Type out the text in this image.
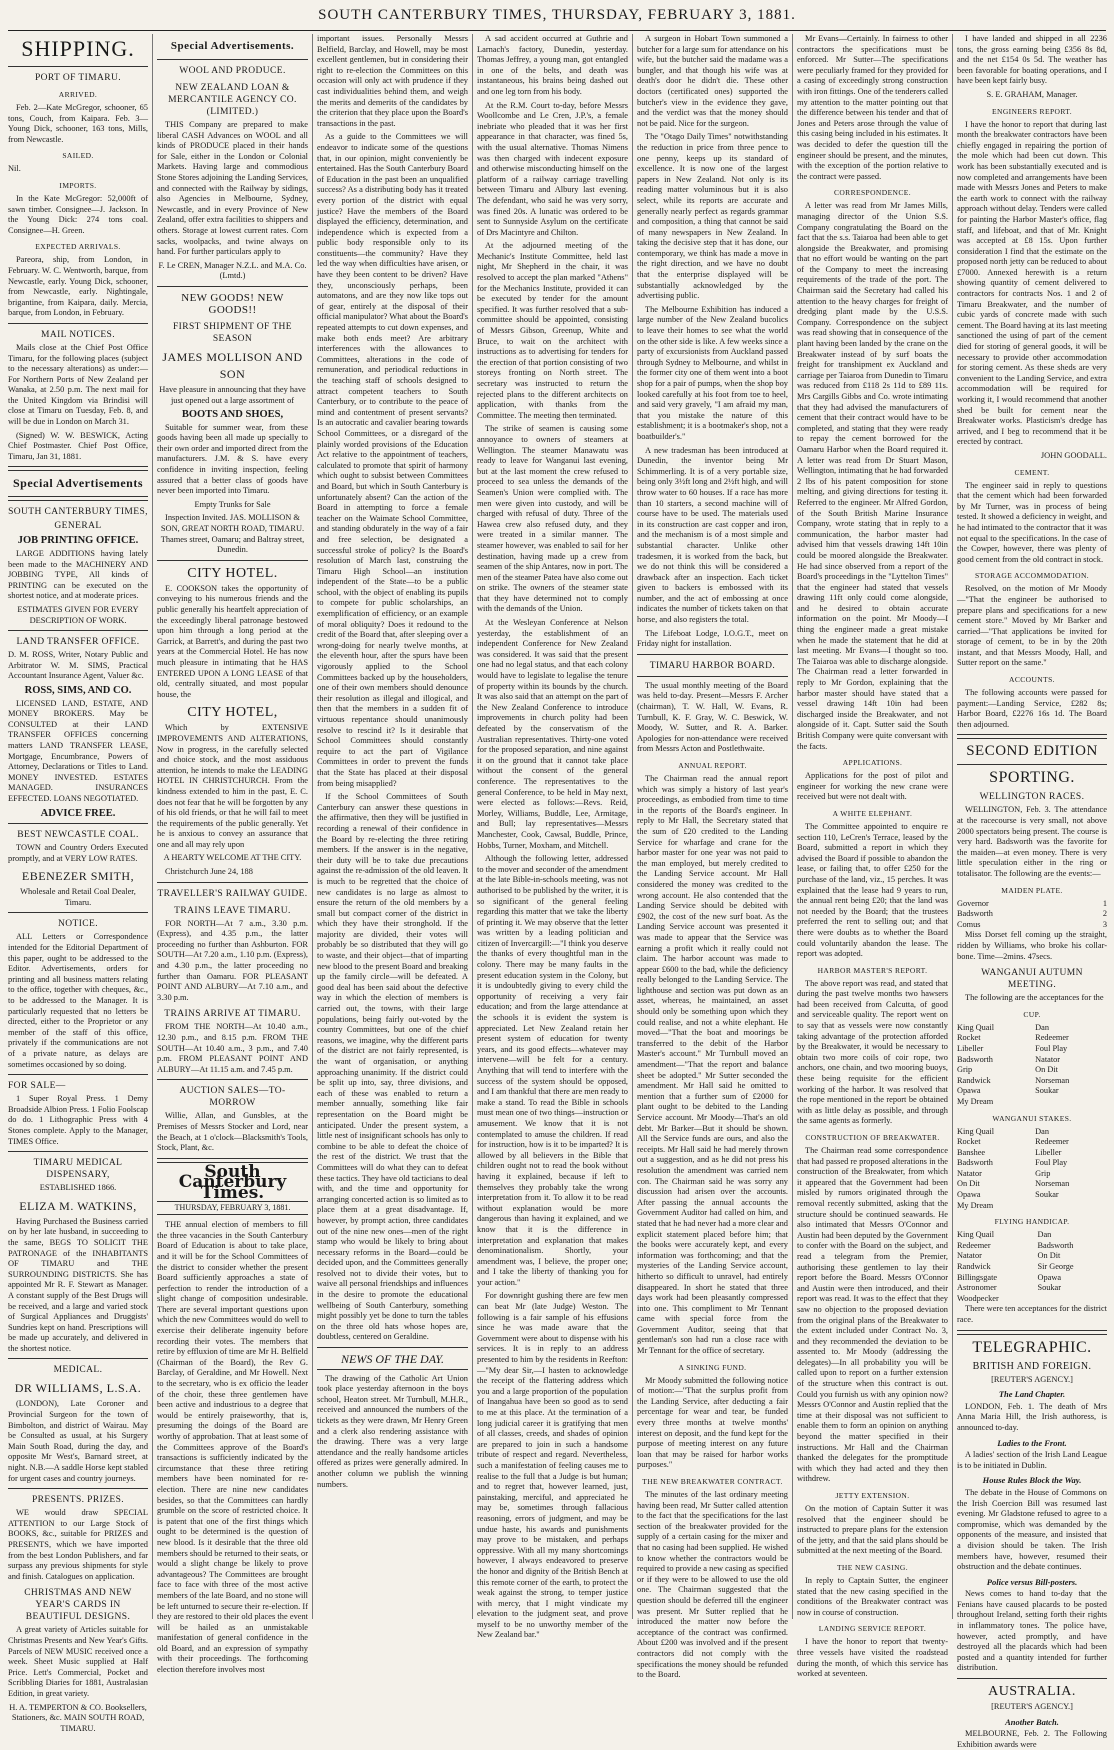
SOUTH CANTERBURY TIMES, THURSDAY, FEBRUARY 3, 1881.
SHIPPING.
PORT OF TIMARU.
ARRIVED.

Feb. 2—Kate McGregor, schooner, 65 tons, Couch, from Kaipara. Feb. 3—Young Dick, schooner, 163 tons, Mills, from Newcastle.

SAILED.

Nil.

IMPORTS.

In the Kate McGregor: 52,000ft of sawn timber. Consignee—J. Jackson. In the Young Dick: 274 tons coal. Consignee—H. Green.

EXPECTED ARRIVALS.

Pareora, ship, from London, in February. W. C. Wentworth, barque, from Newcastle, early. Young Dick, schooner, from Newcastle, early. Nightingale, brigantine, from Kaipara, daily. Mercia, barque, from London, in February.

MAIL NOTICES.

Mails close at the Chief Post Office Timaru, for the following places (subject to the necessary alterations) as under:— For Northern Ports of New Zealand per Wanaka, at 2.50 p.m. The next mail for the United Kingdom via Brindisi will close at Timaru on Tuesday, Feb. 8, and will be due in London on March 31.

(Signed) W. W. BESWICK, Acting Chief Postmaster. Chief Post Office, Timaru, Jan 31, 1881.

Special Advertisements
SOUTH CANTERBURY TIMES,
GENERAL
JOB PRINTING OFFICE.

LARGE ADDITIONS having lately been made to the MACHINERY AND JOBBING TYPE, All kinds of PRINTING can be executed on the shortest notice, and at moderate prices.

ESTIMATES GIVEN FOR EVERY DESCRIPTION OF WORK.

LAND TRANSFER OFFICE.

D. M. ROSS, Writer, Notary Public and Arbitrator W. M. SIMS, Practical Accountant Insurance Agent, Valuer &c.

ROSS, SIMS, AND CO.

LICENSED LAND, ESTATE, AND MONEY BROKERS. May be CONSULTED at their LAND TRANSFER OFFICES concerning matters LAND TRANSFER LEASE, Mortgage, Encumbrance, Powers of Attorney, Declarations or Titles to Land. MONEY INVESTED. ESTATES MANAGED. INSURANCES EFFECTED. LOANS NEGOTIATED.

ADVICE FREE.
BEST NEWCASTLE COAL.

TOWN and Country Orders Executed promptly, and at VERY LOW RATES.

EBENEZER SMITH,

Wholesale and Retail Coal Dealer, Timaru.

NOTICE.

ALL Letters or Correspondence intended for the Editorial Department of this paper, ought to be addressed to the Editor. Advertisements, orders for printing and all business matters relating to the office, together with cheques, &c., to be addressed to the Manager. It is particularly requested that no letters be directed, either to the Proprietor or any member of the staff of this office, privately if the communications are not of a private nature, as delays are sometimes occasioned by so doing.

FOR SALE—

1 Super Royal Press. 1 Demy Broadside Albion Press. 1 Folio Foolscap do do. 1 Lithographic Press with 4 Stones complete. Apply to the Manager, TIMES Office.

TIMARU MEDICAL DISPENSARY,

ESTABLISHED 1866.

ELIZA M. WATKINS,

Having Purchased the Business carried on by her late husband, in succeeding to the same, BEGS TO SOLICIT THE PATRONAGE of the INHABITANTS OF TIMARU and THE SURROUNDING DISTRICTS. She has appointed Mr R. F. Stewart as Manager. A constant supply of the Best Drugs will be received, and a large and varied stock of Surgical Appliances and Druggists' Sundries kept on hand. Prescriptions will be made up accurately, and delivered in the shortest notice.

MEDICAL.
DR WILLIAMS, L.S.A.

(LONDON), Late Coroner and Provincial Surgeon for the town of Bimbolton, and district of Wairau. May be Consulted as usual, at his Surgery Main South Road, during the day, and opposite Mr West's, Barnard street, at night. N.B.—A saddle Horse kept stabled for urgent cases and country journeys.

PRESENTS. PRIZES.

WE would draw SPECIAL ATTENTION to our Large Stock of BOOKS, &c., suitable for PRIZES and PRESENTS, which we have imported from the best London Publishers, and far surpass any previous shipments for style and finish. Catalogues on application.

CHRISTMAS AND NEW YEAR'S CARDS IN BEAUTIFUL DESIGNS.

A great variety of Articles suitable for Christmas Presents and New Year's Gifts. Parcels of NEW MUSIC received once a week. Sheet Music supplied at Half Price. Lett's Commercial, Pocket and Scribbling Diaries for 1881, Australasian Edition, in great variety.

H. A. TEMPERTON & CO. Booksellers, Stationers, &c. MAIN SOUTH ROAD, TIMARU.

Special Advertisements.
WOOL AND PRODUCE.
NEW ZEALAND LOAN & MERCANTILE AGENCY CO. (LIMITED.)

THIS Company are prepared to make liberal CASH Advances on WOOL and all kinds of PRODUCE placed in their hands for Sale, either in the London or Colonial Markets. Having large and commodious Stone Stores adjoining the Landing Services, and connected with the Railway by sidings, also Agencies in Melbourne, Sydney, Newcastle, and in every Province of New Zealand, offer extra facilities to shippers and others. Storage at lowest current rates. Corn sacks, woolpacks, and twine always on hand. For further particulars apply to

F. Le CREN, Manager N.Z.L. and M.A. Co. (Lmtd.)

NEW GOODS! NEW GOODS!!
FIRST SHIPMENT OF THE SEASON
JAMES MOLLISON AND SON

Have pleasure in announcing that they have just opened out a large assortment of

BOOTS AND SHOES,

Suitable for summer wear, from these goods having been all made up specially to their own order and imported direct from the manufacturers. J.M. & S. have every confidence in inviting inspection, feeling assured that a better class of goods have never been imported into Timaru.

Empty Trunks for Sale

Inspection Invited. JAS. MOLLISON & SON, GREAT NORTH ROAD, TIMARU. Thames street, Oamaru; and Baltray street, Dunedin.

CITY HOTEL.

E. COOKSON takes the opportunity of conveying to his numerous friends and the public generally his heartfelt appreciation of the exceedingly liberal patronage bestowed upon him through a long period at the Garrick, at Barrett's, and during the past two years at the Commercial Hotel. He has now much pleasure in intimating that he HAS ENTERED UPON A LONG LEASE of that old, centrally situated, and most popular house, the

CITY HOTEL,

Which by EXTENSIVE IMPROVEMENTS AND ALTERATIONS, Now in progress, in the carefully selected and choice stock, and the most assiduous attention, he intends to make the LEADING HOTEL IN CHRISTCHURCH. From the kindness extended to him in the past, E. C. does not fear that he will be forgotten by any of his old friends, or that he will fail to meet the requirements of the public generally. Yet he is anxious to convey an assurance that one and all may rely upon

A HEARTY WELCOME AT THE CITY.

Christchurch June 24, 188

TRAVELLER'S RAILWAY GUIDE.
TRAINS LEAVE TIMARU.

FOR NORTH—At 7 a.m., 3.30 p.m. (Express), and 4.35 p.m., the latter proceeding no further than Ashburton. FOR SOUTH—At 7.20 a.m., 1.10 p.m. (Express), and 4.30 p.m., the latter proceeding no further than Oamaru. FOR PLEASANT POINT AND ALBURY—At 7.10 a.m., and 3.30 p.m.

TRAINS ARRIVE AT TIMARU.

FROM THE NORTH—At 10.40 a.m., 12.30 p.m., and 8.15 p.m. FROM THE SOUTH—At 10.40 a.m., 3 p.m., and 7.40 p.m. FROM PLEASANT POINT AND ALBURY—At 11.15 a.m. and 7.45 p.m.

AUCTION SALES—TO-MORROW

Willie, Allan, and Gunsbles, at the Premises of Messrs Stocker and Lord, near the Beach, at 1 o'clock—Blacksmith's Tools, Stock, Plant, &c.

South Canterbury Times.
THURSDAY, FEBRUARY 3, 1881.

THE annual election of members to fill the three vacancies in the South Canterbury Board of Education is about to take place, and it will be for the School Committees of the district to consider whether the present Board sufficiently approaches a state of perfection to render the introduction of a slight change of composition undesirable. There are several important questions upon which the new Committees would do well to exercise their deliberate ingenuity before recording their votes. The members that retire by effluxion of time are Mr H. Belfield (Chairman of the Board), the Rev G. Barclay, of Geraldine, and Mr Howell. Next to the secretary, who is ex officio the leader of the choir, these three gentlemen have been active and industrious to a degree that would be entirely praiseworthy, that is, presuming the doings of the Board are worthy of approbation. That at least some of the Committees approve of the Board's transactions is sufficiently indicated by the circumstance that these three retiring members have been nominated for re-election. There are nine new candidates besides, so that the Committees can hardly grumble on the score of restricted choice. It is patent that one of the first things which ought to be determined is the question of new blood. Is it desirable that the three old members should be returned to their seats, or would a slight change be likely to prove advantageous? The Committees are brought face to face with three of the most active members of the late Board, and no stone will be left unturned to secure their re-election. If they are restored to their old places the event will be hailed as an unmistakable manifestation of general confidence in the old Board, and an expression of sympathy with their proceedings. The forthcoming election therefore involves most

important issues. Personally Messrs Belfield, Barclay, and Howell, may be most excellent gentlemen, but in considering their right to re-election the Committees on this occasion will only act with prudence if they cast individualities behind them, and weigh the merits and demerits of the candidates by the criterion that they place upon the Board's transactions in the past.

As a guide to the Committees we will endeavor to indicate some of the questions that, in our opinion, might conveniently be entertained. Has the South Canterbury Board of Education in the past been an unqualified success? As a distributing body has it treated every portion of the district with equal justice? Have the members of the Board displayed the efficiency, determination, and independence which is expected from a public body responsible only to its constituents—the community? Have they led the way when difficulties have arisen, or have they been content to be driven? Have they, unconsciously perhaps, been automatons, and are they now like tops out of gear, entirely at the disposal of their official manipulator? What about the Board's repeated attempts to cut down expenses, and make both ends meet? Are arbitrary interferences with the allowances to Committees, alterations in the code of remuneration, and periodical reductions in the teaching staff of schools designed to attract competent teachers to South Canterbury, or to contribute to the peace of mind and contentment of present servants? Is an autocratic and cavalier bearing towards School Committees, or a disregard of the plainly worded provisions of the Education Act relative to the appointment of teachers, calculated to promote that spirit of harmony which ought to subsist between Committees and Board, but which in South Canterbury is unfortunately absent? Can the action of the Board in attempting to force a female teacher on the Waimate School Committee, and standing obdurately in the way of a fair and free selection, be designated a successful stroke of policy? Is the Board's resolution of March last, construing the Timaru High School—an institution independent of the State—to be a public school, with the object of enabling its pupils to compete for public scholarships, an exemplification of efficiency, or an example of moral obliquity? Does it redound to the credit of the Board that, after sleeping over a wrong-doing for nearly twelve months, at the eleventh hour, after the spurs have been vigorously applied to the School Committees backed up by the householders, one of their own members should denounce their resolution as illegal and illogical, and then that the members in a sudden fit of virtuous repentance should unanimously resolve to rescind it? Is it desirable that School Committees should constantly require to act the part of Vigilance Committees in order to prevent the funds that the State has placed at their disposal from being misapplied?

If the School Committees of South Canterbury can answer these questions in the affirmative, then they will be justified in recording a renewal of their confidence in the Board by re-electing the three retiring members. If the answer is in the negative, their duty will be to take due precautions against the re-admission of the old leaven. It is much to be regretted that the choice of new candidates is no large as almost to ensure the return of the old members by a small but compact corner of the district in which they have their stronghold. If the majority are divided, their votes will probably be so distributed that they will go to waste, and their object—that of imparting new blood to the present Board and breaking up the family circle—will be defeated. A good deal has been said about the defective way in which the election of members is carried out, the towns, with their large populations, being fairly out-voted by the country Committees, but one of the chief reasons, we imagine, why the different parts of the district are not fairly represented, is the want of organisation, or anything approaching unanimity. If the district could be split up into, say, three divisions, and each of these was enabled to return a member annually, something like fair representation on the Board might be anticipated. Under the present system, a little nest of insignificant schools has only to combine to be able to defeat the choice of the rest of the district. We trust that the Committees will do what they can to defeat these tactics. They have old tacticians to deal with, and the time and opportunity for arranging concerted action is so limited as to place them at a great disadvantage. If, however, by prompt action, three candidates out of the nine new ones—men of the right stamp who would be likely to bring about necessary reforms in the Board—could be decided upon, and the Committees generally resolved not to divide their votes, but to waive all personal friendships and influences in the desire to promote the educational wellbeing of South Canterbury, something might possibly yet be done to turn the tables on the three old hats whose hopes are, doubtless, centered on Geraldine.

NEWS OF THE DAY.

The drawing of the Catholic Art Union took place yesterday afternoon in the boys school, Heaton street. Mr Turnbull, M.H.R., received and announced the numbers of the tickets as they were drawn, Mr Henry Green and a clerk also rendering assistance with the drawing. There was a very large attendance and the really handsome articles offered as prizes were generally admired. In another column we publish the winning numbers.

A sad accident occurred at Guthrie and Larnach's factory, Dunedin, yesterday. Thomas Jeffrey, a young man, got entangled in one of the belts, and death was instantaneous, his brains being dashed out and one leg torn from his body.

At the R.M. Court to-day, before Messrs Woollcombe and Le Cren, J.P.'s, a female inebriate who pleaded that it was her first appearance in that character, was fined 5s, with the usual alternative. Thomas Nimens was then charged with indecent exposure and otherwise misconducting himself on the platform of a railway carriage travelling between Timaru and Albury last evening. The defendant, who said he was very sorry, was fined 20s. A lunatic was ordered to be sent to Sunnyside Asylum on the certificate of Drs Macintyre and Chilton.

At the adjourned meeting of the Mechanic's Institute Committee, held last night, Mr Shepherd in the chair, it was resolved to accept the plan marked "Athens" for the Mechanics Institute, provided it can be executed by tender for the amount specified. It was further resolved that a sub-committee should be appointed, consisting of Messrs Gibson, Greenup, White and Bruce, to wait on the architect with instructions as to advertising for tenders for the erection of that portion consisting of two storeys fronting on North street. The secretary was instructed to return the rejected plans to the different architects on application, with thanks from the Committee. The meeting then terminated.

The strike of seamen is causing some annoyance to owners of steamers at Wellington. The steamer Manawatu was ready to leave for Wanganui last evening, but at the last moment the crew refused to proceed to sea unless the demands of the Seamen's Union were complied with. The men were given into custody, and will be charged with refusal of duty. Three of the Hawea crew also refused duty, and they were treated in a similar manner. The steamer however, was enabled to sail for her destination, having made up a crew from seamen of the ship Antares, now in port. The men of the steamer Patea have also come out on strike. The owners of the steamer state that they have determined not to comply with the demands of the Union.

At the Wesleyan Conference at Nelson yesterday, the establishment of an independent Conference for New Zealand was considered. It was said that the present one had no legal status, and that each colony would have to legislate to legalise the tenure of property within its bounds by the church. It was also said that an attempt on the part of the New Zealand Conference to introduce improvements in church polity had been defeated by the conservatism of the Australian representatives. Thirty-one voted for the proposed separation, and nine against it on the ground that it cannot take place without the consent of the general conference. The representatives to the general Conference, to be held in May next, were elected as follows:—Revs. Reid, Morley, Williams, Buddle, Lee, Armitage, and Bull; lay representatives—Messrs Manchester, Cook, Cawsal, Buddle, Prince, Hobbs, Turner, Moxham, and Mitchell.

Although the following letter, addressed to the mover and seconder of the amendment at the late Bible-in-schools meeting, was not authorised to be published by the writer, it is so significant of the general feeling regarding this matter that we take the liberty of printing it. We may observe that the letter was written by a leading politician and citizen of Invercargill:—"I think you deserve the thanks of every thoughtful man in the colony. There may be many faults in the present education system in the Colony, but it is undoubtedly giving to every child the opportunity of receiving a very fair education; and from the large attendance at the schools it is evident the system is appreciated. Let New Zealand retain her present system of education for twenty years, and its good effects—whatever may intervene—will be felt for a century. Anything that will tend to interfere with the success of the system should be opposed, and I am thankful that there are men ready to make a stand. To read the Bible in schools must mean one of two things—instruction or amusement. We know that it is not contemplated to amuse the children. If read for instruction, how is it to be imparted? It is allowed by all believers in the Bible that children ought not to read the book without having it explained, because if left to themselves they probably take the wrong interpretation from it. To allow it to be read without explanation would be more dangerous than having it explained, and we know that it is the difference in interpretation and explanation that makes denominationalism. Shortly, your amendment was, I believe, the proper one; and I take the liberty of thanking you for your action."

For downright gushing there are few men can beat Mr (late Judge) Weston. The following is a fair sample of his effusions since he was made aware that the Government were about to dispense with his services. It is in reply to an address presented to him by the residents in Reefton:—"My dear Sir,—I hasten to acknowledge the receipt of the flattering address which you and a large proportion of the population of Inangahua have been so good as to send to me at this place. At the termination of a long judicial career it is gratifying that men of all classes, creeds, and shades of opinion are prepared to join in such a handsome tribute of respect and regard. Nevertheless, such a manifestation of feeling causes me to realise to the full that a Judge is but human; and to regret that, however learned, just, painstaking, merciful, and appreciated he may be, sometimes through fallacious reasoning, errors of judgment, and may be undue haste, his awards and punishments may prove to be mistaken, and perhaps oppressive. With all my many shortcomings however, I always endeavored to preserve the honor and dignity of the British Bench at this remote corner of the earth, to protect the weak against the strong, to temper justice with mercy, that I might vindicate my elevation to the judgment seat, and prove myself to be no unworthy member of the New Zealand bar."

A surgeon in Hobart Town summoned a butcher for a large sum for attendance on his wife, but the butcher said the madame was a bungler, and that though his wife was at death's door he didn't die. These other doctors (certificated ones) supported the butcher's view in the evidence they gave, and the verdict was that the money should not be paid. Nice for the surgeon.

The "Otago Daily Times" notwithstanding the reduction in price from three pence to one penny, keeps up its standard of excellence. It is now one of the largest papers in New Zealand. Not only is its reading matter voluminous but it is also select, while its reports are accurate and generally nearly perfect as regards grammar and composition, a thing that cannot be said of many newspapers in New Zealand. In taking the decisive step that it has done, our contemporary, we think has made a move in the right direction, and we have no doubt that the enterprise displayed will be substantially acknowledged by the advertising public.

The Melbourne Exhibition has induced a large number of the New Zealand bucolics to leave their homes to see what the world on the other side is like. A few weeks since a party of excursionists from Auckland passed through Sydney to Melbourne, and whilst in the former city one of them went into a boot shop for a pair of pumps, when the shop boy looked carefully at his foot from toe to heel, and said very gravely, "I am afraid my man, that you mistake the nature of this establishment; it is a bootmaker's shop, not a boatbuilder's."

A new tradesman has been introduced at Dunedin, the inventor being Mr Schimmerling. It is of a very portable size, being only 3½ft long and 2½ft high, and will throw water to 60 houses. If a race has more than 10 starters, a second machine will of course have to be used. The materials used in its construction are cast copper and iron, and the mechanism is of a most simple and substantial character. Unlike other tradesmen, it is worked from the back, but we do not think this will be considered a drawback after an inspection. Each ticket given to backers is embossed with its number, and the act of embossing at once indicates the number of tickets taken on that horse, and also registers the total.

The Lifeboat Lodge, I.O.G.T., meet on Friday night for installation.

TIMARU HARBOR BOARD.

The usual monthly meeting of the Board was held to-day. Present—Messrs F. Archer (chairman), T. W. Hall, W. Evans, R. Turnbull, K. F. Gray, W. C. Beswick, W. Moody, W. Sutter, and R. A. Barker. Apologies for non-attendance were received from Messrs Acton and Postlethwaite.

ANNUAL REPORT.

The Chairman read the annual report which was simply a history of last year's proceedings, as embodied from time to time in the reports of the Board's engineer. In reply to Mr Hall, the Secretary stated that the sum of £20 credited to the Landing Service for wharfage and crane for the harbor master for one year was not paid to the man employed, but merely credited to the Landing Service account. Mr Hall considered the money was credited to the wrong account. He also contended that the Landing Service should be debited with £902, the cost of the new surf boat. As the Landing Service account was presented it was made to appear that the Service was earning a profit which it really could not claim. The harbor account was made to appear £600 to the bad, while the deficiency really belonged to the Landing Service. The lighthouse and section was put down as an asset, whereas, he maintained, an asset should only be something upon which they could realise, and not a white elephant. He moved—"That the boat and moorings be transferred to the debit of the Harbor Master's account." Mr Turnbull moved an amendment—"That the report and balance sheet be adopted." Mr Sutter seconded the amendment. Mr Hall said he omitted to mention that a further sum of £2000 for plant ought to be debited to the Landing Service account. Mr Moody—That's an old debt. Mr Barker—But it should be shown. All the Service funds are ours, and also the receipts. Mr Hall said he had merely thrown out a suggestion, and as he did not press his resolution the amendment was carried nem con. The Chairman said he was sorry any discussion had arisen over the accounts. After passing the annual accounts the Government Auditor had called on him, and stated that he had never had a more clear and explicit statement placed before him; that the books were accurately kept, and every information was forthcoming; and that the mysteries of the Landing Service account, hitherto so difficult to unravel, had entirely disappeared. In short he stated that three days work had been pleasantly compressed into one. This compliment to Mr Tennant came with special force from the Government Auditor, seeing that that gentleman's son had run a close race with Mr Tennant for the office of secretary.

A SINKING FUND.

Mr Moody submitted the following notice of motion:—"That the surplus profit from the Landing Service, after deducting a fair percentage for wear and tear, be funded every three months at twelve months' interest on deposit, and the fund kept for the purpose of meeting interest on any future loan that may be raised for harbor works purposes."

THE NEW BREAKWATER CONTRACT.

The minutes of the last ordinary meeting having been read, Mr Sutter called attention to the fact that the specifications for the last section of the breakwater provided for the supply of a certain casing for the mixer and that no casing had been supplied. He wished to know whether the contractors would be required to provide a new casing as specified or if they were to be allowed to use the old one. The Chairman suggested that the question should be deferred till the engineer was present. Mr Sutter replied that he introduced the matter now before the acceptance of the contract was confirmed. About £200 was involved and if the present contractors did not comply with the specifications the money should be refunded to the Board.

Mr Evans—Certainly. In fairness to other contractors the specifications must be enforced. Mr Sutter—The specifications were peculiarly framed for they provided for a casing of exceedingly strong construction with iron fittings. One of the tenderers called my attention to the matter pointing out that the difference between his tender and that of Jones and Peters arose through the value of this casing being included in his estimates. It was decided to defer the question till the engineer should be present, and the minutes, with the exception of the portion relative to the contract were passed.

CORRESPONDENCE.

A letter was read from Mr James Mills, managing director of the Union S.S. Company congratulating the Board on the fact that the s.s. Taiaroa had been able to get alongside the Breakwater, and promising that no effort would be wanting on the part of the Company to meet the increasing requirements of the trade of the port. The Chairman said the Secretary had called his attention to the heavy charges for freight of dredging plant made by the U.S.S. Company. Correspondence on the subject was read showing that in consequence of the plant having been landed by the crane on the Breakwater instead of by surf boats the freight for transhipment ex Auckland and carriage per Taiaroa from Dunedin to Timaru was reduced from £118 2s 11d to £89 11s. Mrs Cargills Gibbs and Co. wrote intimating that they had advised the manufacturers of cement that their contract would have to be completed, and stating that they were ready to repay the cement borrowed for the Oamaru Harbor when the Board required it. A letter was read from Dr Stuart Mason, Wellington, intimating that he had forwarded 2 lbs of his patent composition for stone melting, and giving directions for testing it. Referred to the engineer. Mr Alfred Gordon, of the South British Marine Insurance Company, wrote stating that in reply to a communication, the harbor master had advised him that vessels drawing 14ft 10in could be moored alongside the Breakwater. He had since observed from a report of the Board's proceedings in the "Lyttelton Times" that the engineer had stated that vessels drawing 11ft only could come alongside, and he desired to obtain accurate information on the point. Mr Moody—I thing the engineer made a great mistake when he made the statement that he did at last meeting. Mr Evans—I thought so too. The Taiaroa was able to discharge alongside. The Chairman read a letter forwarded in reply to Mr Gordon, explaining that the harbor master should have stated that a vessel drawing 14ft 10in had been discharged inside the Breakwater, and not alongside of it. Capt. Sutter said the South British Company were quite conversant with the facts.

APPLICATIONS.

Applications for the post of pilot and engineer for working the new crane were received but were not dealt with.

A WHITE ELEPHANT.

The Committee appointed to enquire re section 110, LeCren's Terrace, leased by the Board, submitted a report in which they advised the Board if possible to abandon the lease, or failing that, to offer £250 for the purchase of the land, viz., 15 perches. It was explained that the lease had 9 years to run, the annual rent being £20; that the land was not needed by the Board; that the trustees preferred the rent to selling out; and that there were doubts as to whether the Board could voluntarily abandon the lease. The report was adopted.

HARBOR MASTER'S REPORT.

The above report was read, and stated that during the past twelve months two hawsers had been received from Calcutta, of good and serviceable quality. The report went on to say that as vessels were now constantly taking advantage of the protection afforded by the Breakwater, it would be necessary to obtain two more coils of coir rope, two anchors, one chain, and two mooring buoys, these being requisite for the efficient working of the harbor. It was resolved that the rope mentioned in the report be obtained with as little delay as possible, and through the same agents as formerly.

CONSTRUCTION OF BREAKWATER.

The Chairman read some correspondence that had passed re proposed alterations in the construction of the Breakwater, from which it appeared that the Government had been misled by rumors originated through the removal recently submitted, asking that the structure should be continued seawards. He also intimated that Messrs O'Connor and Austin had been deputed by the Government to confer with the Board on the subject, and read a telegram from the Premier, authorising these gentlemen to lay their report before the Board. Messrs O'Connor and Austin were then introduced, and their report was read. It was to the effect that they saw no objection to the proposed deviation from the original plans of the Breakwater to the extent included under Contract No. 3, and they recommended the deviation to be assented to. Mr Moody (addressing the delegates)—In all probability you will be called upon to report on a further extension of the structure when this contract is out. Could you furnish us with any opinion now? Messrs O'Connor and Austin replied that the time at their disposal was not sufficient to enable them to form an opinion on anything beyond the matter specified in their instructions. Mr Hall and the Chairman thanked the delegates for the promptitude with which they had acted and they then withdrew.

JETTY EXTENSION.

On the motion of Captain Sutter it was resolved that the engineer should be instructed to prepare plans for the extension of the jetty, and that the said plans should be submitted at the next meeting of the Board.

THE NEW CASING.

In reply to Captain Sutter, the engineer stated that the new casing specified in the conditions of the Breakwater contract was now in course of construction.

LANDING SERVICE REPORT.

I have the honor to report that twenty-three vessels have visited the roadstead during the month, of which this service has worked at seventeen.

I have landed and shipped in all 2236 tons, the gross earning being £356 8s 8d, and the net £154 0s 5d. The weather has been favorable for boating operations, and I have been kept fairly busy.

S. E. GRAHAM, Manager.

ENGINEERS REPORT.

I have the honor to report that during last month the breakwater contractors have been chiefly engaged in repairing the portion of the mole which had been cut down. This work has been substantially executed and is now completed and arrangements have been made with Messrs Jones and Peters to make the earth work to connect with the railway approach without delay. Tenders were called for painting the Harbor Master's office, flag staff, and lifeboat, and that of Mr. Knight was accepted at £8 15s. Upon further consideration I find that the estimate on the proposed north jetty can be reduced to about £7000. Annexed herewith is a return showing quantity of cement delivered to contractors for contracts Nos. 1 and 2 of Timaru Breakwater, and the number of cubic yards of concrete made with such cement. The Board having at its last meeting sanctioned the using of part of the cement died for storing of general goods, it will be necessary to provide other accommodation for storing cement. As these sheds are very convenient to the Landing Service, and extra accommodation will be required for working it, I would recommend that another shed be built for cement near the Breakwater works. Plasticism's dredge has arrived, and I beg to recommend that it be erected by contract.

JOHN GOODALL.

CEMENT.

The engineer said in reply to questions that the cement which had been forwarded by Mr Turner, was in process of being tested. It showed a deficiency in weight, and he had intimated to the contractor that it was not equal to the specifications. In the case of the Cowper, however, there was plenty of good cement from the old contract in stock.

STORAGE ACCOMMODATION.

Resolved, on the motion of Mr Moody—"That the engineer be authorised to prepare plans and specifications for a new cement store." Moved by Mr Barker and carried—"That applications be invited for storage of cement, to be in by the 20th instant, and that Messrs Moody, Hall, and Sutter report on the same."

ACCOUNTS.

The following accounts were passed for payment:—Landing Service, £282 8s; Harbor Board, £2276 16s 1d. The Board then adjourned.

SECOND EDITION
SPORTING.
WELLINGTON RACES.

WELLINGTON, Feb. 3. The attendance at the racecourse is very small, not above 2000 spectators being present. The course is very hard. Badsworth was the favorite for the maiden—at even money. There is very little speculation either in the ring or totalisator. The following are the events:—

MAIDEN PLATE.
Governor	1
Badsworth	2
Comus	3

Miss Dorset fell coming up the straight, ridden by Williams, who broke his collar-bone. Time—2mins. 47secs.

WANGANUI AUTUMN MEETING.

The following are the acceptances for the

CUP.
King Quail	Dan
Rocket	Redeemer
Libeller	Foul Play
Badsworth	Natator
Grip	On Dit
Randwick	Norseman
Opawa	Soukar
My Dream	
WANGANUI STAKES.
King Quail	Dan
Rocket	Redeemer
Banshee	Libeller
Badsworth	Foul Play
Natator	Grip
On Dit	Norseman
Opawa	Soukar
My Dream	
FLYING HANDICAP.
King Quail	Dan
Redeemer	Badsworth
Natator	On Dit
Randwick	Sir George
Billingsgate	Opawa
Astronomer	Soukar
Woodpecker	

There were ten acceptances for the district race.

TELEGRAPHIC.
BRITISH AND FOREIGN.

[REUTER'S AGENCY.]

The Land Chapter.

LONDON, Feb. 1. The death of Mrs Anna Maria Hill, the Irish authoress, is announced to-day.

Ladies to the Front.

A ladies' section of the Irish Land League is to be initiated in Dublin.

House Rules Block the Way.

The debate in the House of Commons on the Irish Coercion Bill was resumed last evening. Mr Gladstone refused to agree to a compromise, which was demanded by the opponents of the measure, and insisted that a division should be taken. The Irish members have, however, resumed their obstruction and the debate continues.

Police versus Bill-posters.

News comes to hand to-day that the Fenians have caused placards to be posted throughout Ireland, setting forth their rights in inflammatory tones. The police have, however, acted promptly, and have destroyed all the placards which had been posted and a quantity intended for further distribution.

AUSTRALIA.

[REUTER'S AGENCY.]

Another Batch.

MELBOURNE, Feb. 2. The Following Exhibition awards were
